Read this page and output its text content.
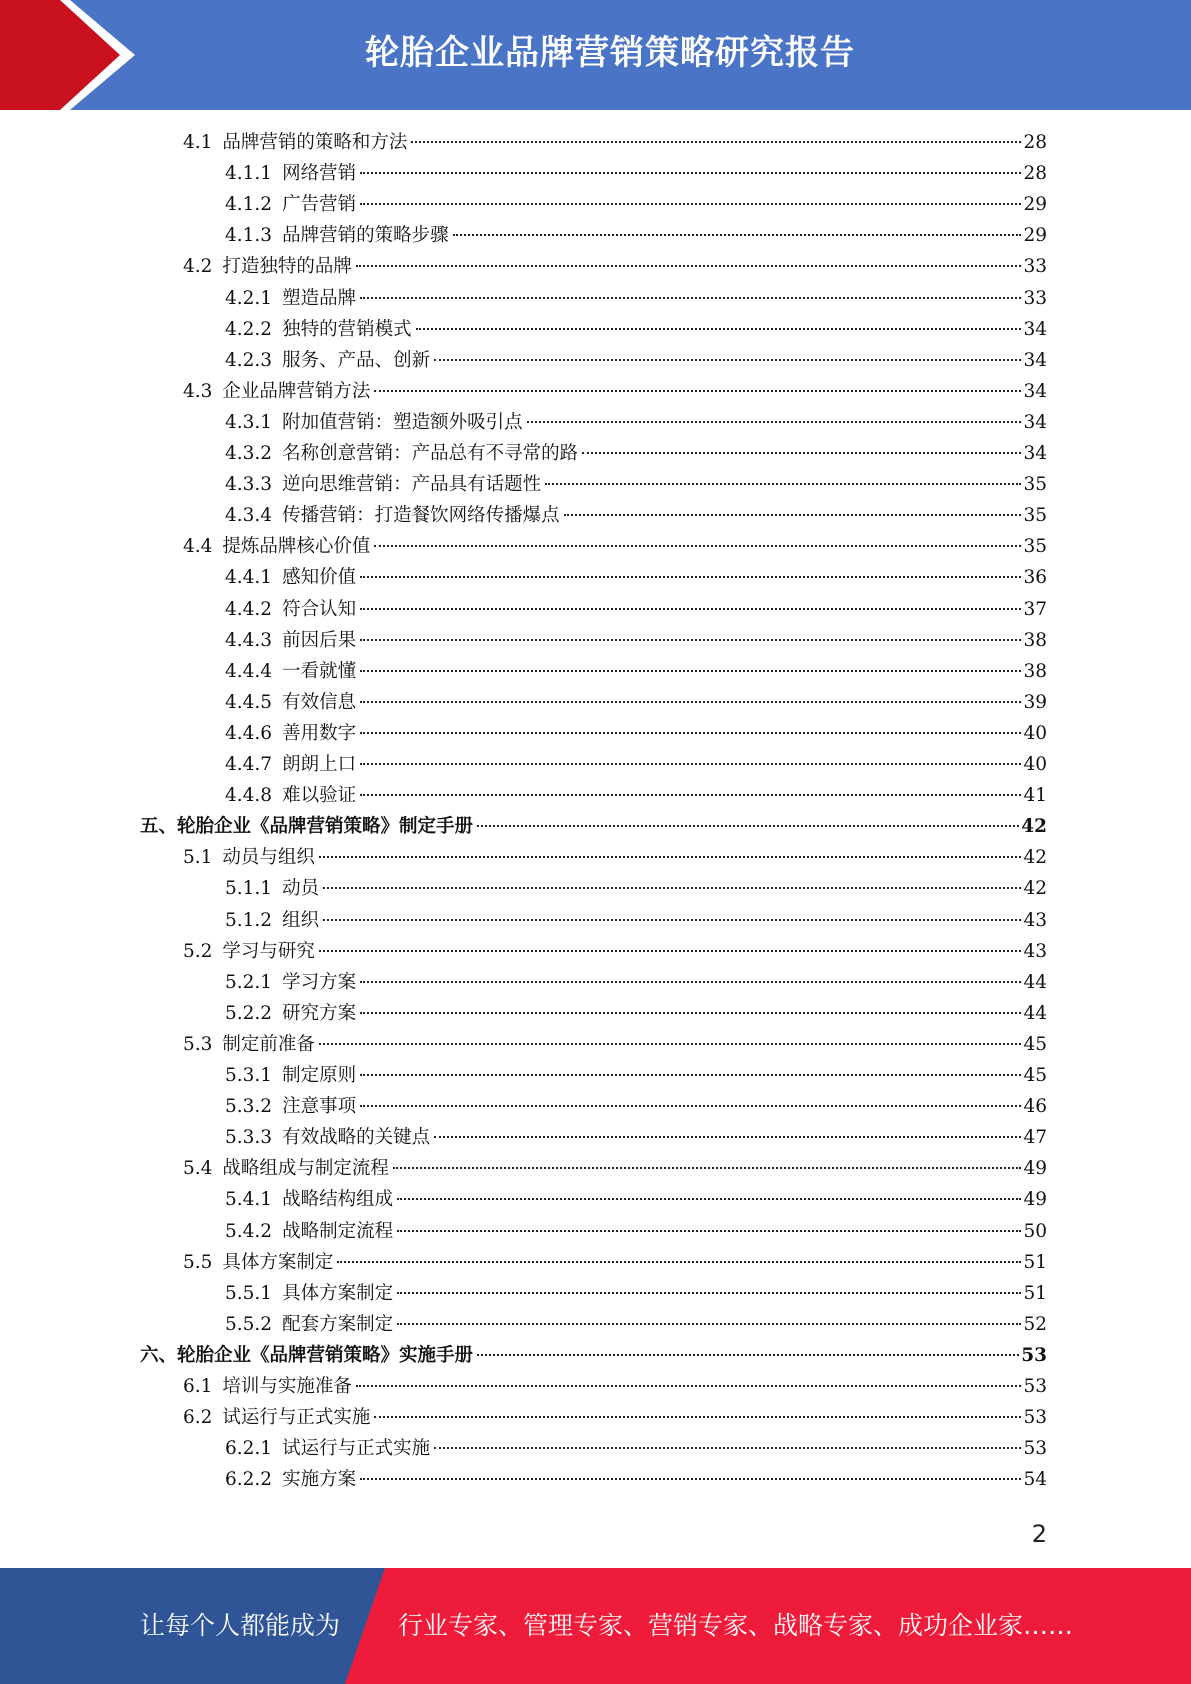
轮胎企业品牌营销策略研究报告
4.1 品牌营销的策略和方法	28
4.1.1 网络营销	28
4.1.2 广告营销	29
4.1.3 品牌营销的策略步骤	29
4.2 打造独特的品牌	33
4.2.1 塑造品牌	33
4.2.2 独特的营销模式	34
4.2.3 服务、产品、创新	34
4.3 企业品牌营销方法	34
4.3.1 附加值营销：塑造额外吸引点	34
4.3.2 名称创意营销：产品总有不寻常的路	34
4.3.3 逆向思维营销：产品具有话题性	35
4.3.4 传播营销：打造餐饮网络传播爆点	35
4.4 提炼品牌核心价值	35
4.4.1 感知价值	36
4.4.2 符合认知	37
4.4.3 前因后果	38
4.4.4 一看就懂	38
4.4.5 有效信息	39
4.4.6 善用数字	40
4.4.7 朗朗上口	40
4.4.8 难以验证	41
五、轮胎企业《品牌营销策略》制定手册	42
5.1 动员与组织	42
5.1.1 动员	42
5.1.2 组织	43
5.2 学习与研究	43
5.2.1 学习方案	44
5.2.2 研究方案	44
5.3 制定前准备	45
5.3.1 制定原则	45
5.3.2 注意事项	46
5.3.3 有效战略的关键点	47
5.4 战略组成与制定流程	49
5.4.1 战略结构组成	49
5.4.2 战略制定流程	50
5.5 具体方案制定	51
5.5.1 具体方案制定	51
5.5.2 配套方案制定	52
六、轮胎企业《品牌营销策略》实施手册	53
6.1 培训与实施准备	53
6.2 试运行与正式实施	53
6.2.1 试运行与正式实施	53
6.2.2 实施方案	54
2
让每个人都能成为 行业专家、管理专家、营销专家、战略专家、成功企业家……
